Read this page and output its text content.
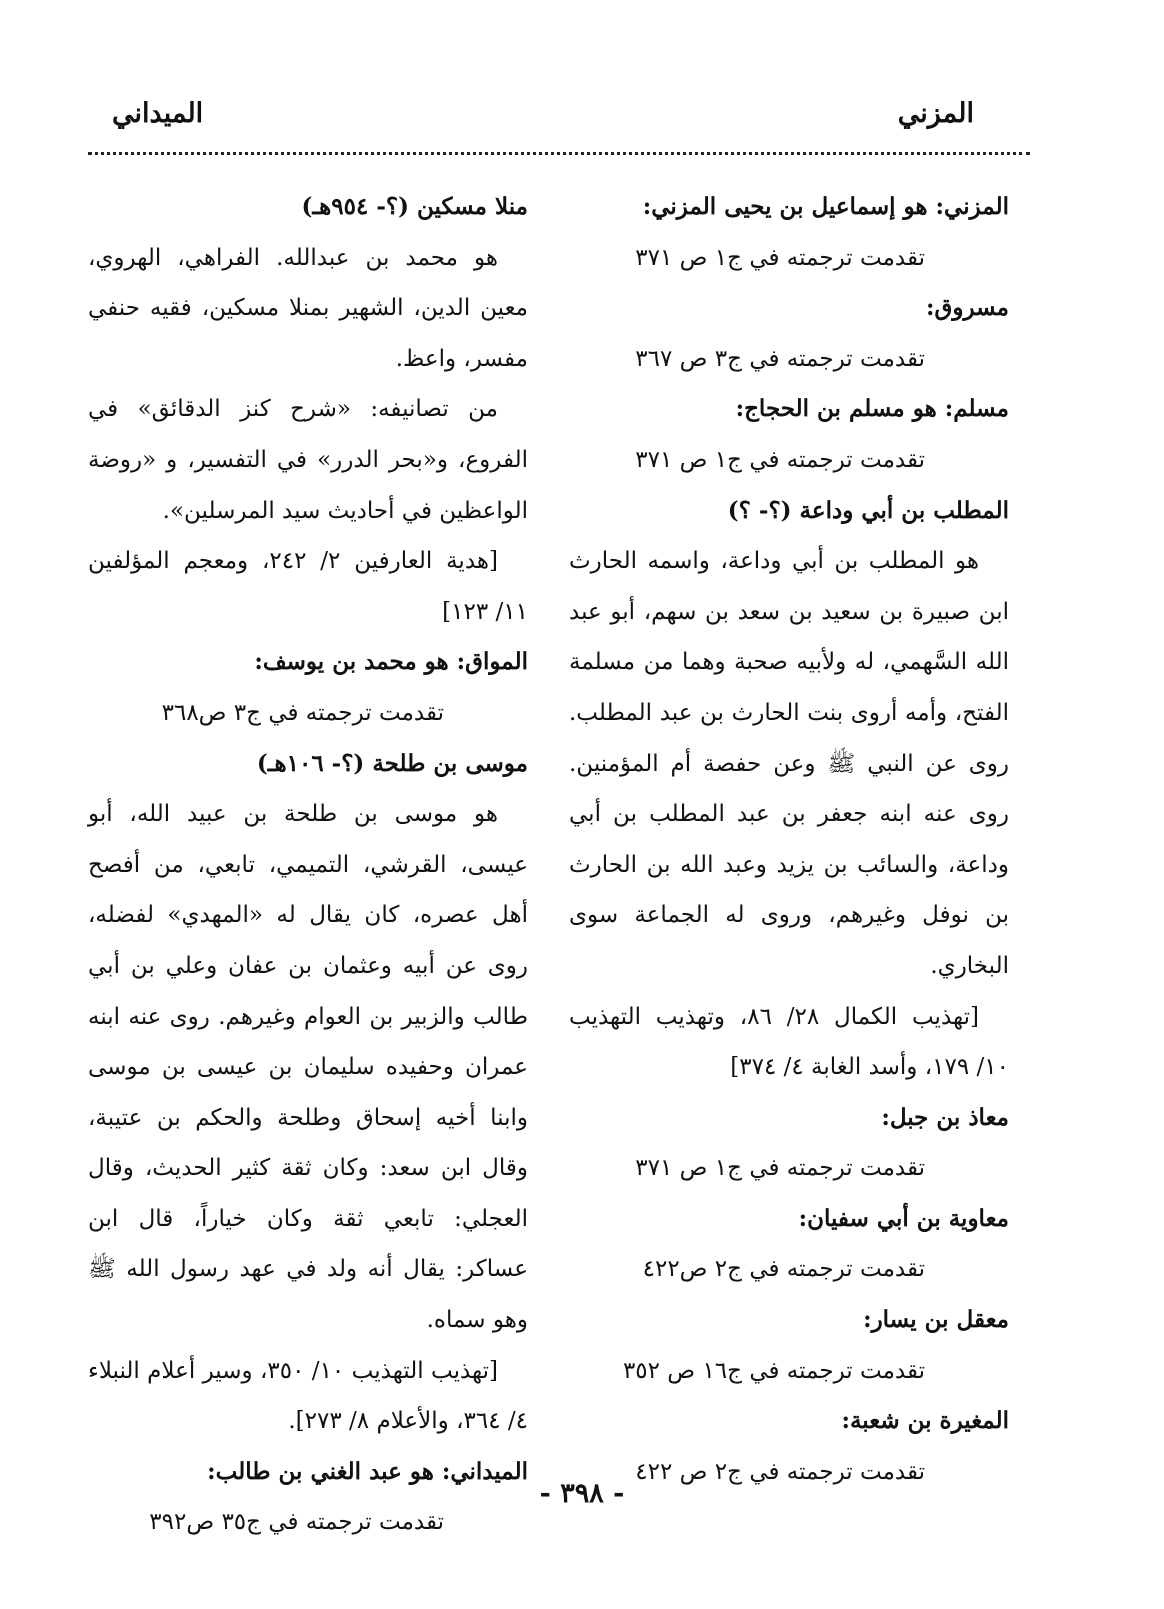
المزني
الميداني

المزني: هو إسماعيل بن يحيى المزني:

تقدمت ترجمته في ج١ ص ٣٧١

مسروق:

تقدمت ترجمته في ج٣ ص ٣٦٧

مسلم: هو مسلم بن الحجاج:

تقدمت ترجمته في ج١ ص ٣٧١

المطلب بن أبي وداعة (؟- ؟)

هو المطلب بن أبي وداعة، واسمه الحارث ابن صبيرة بن سعيد بن سعد بن سهم، أبو عبد الله السَّهمي، له ولأبيه صحبة وهما من مسلمة الفتح، وأمه أروى بنت الحارث بن عبد المطلب. روى عن النبي ﷺ وعن حفصة أم المؤمنين. روى عنه ابنه جعفر بن عبد المطلب بن أبي وداعة، والسائب بن يزيد وعبد الله بن الحارث بن نوفل وغيرهم، وروى له الجماعة سوى البخاري.

[تهذيب الكمال ٢٨/ ٨٦، وتهذيب التهذيب ١٠/ ١٧٩، وأسد الغابة ٤/ ٣٧٤]

معاذ بن جبل:

تقدمت ترجمته في ج١ ص ٣٧١

معاوية بن أبي سفيان:

تقدمت ترجمته في ج٢ ص٤٢٢

معقل بن يسار:

تقدمت ترجمته في ج١٦ ص ٣٥٢

المغيرة بن شعبة:

تقدمت ترجمته في ج٢ ص ٤٢٢

منلا مسكين (؟- ٩٥٤هـ)

هو محمد بن عبدالله. الفراهي، الهروي، معين الدين، الشهير بمنلا مسكين، فقيه حنفي مفسر، واعظ.

من تصانيفه: «شرح كنز الدقائق» في الفروع، و«بحر الدرر» في التفسير، و «روضة الواعظين في أحاديث سيد المرسلين».

[هدية العارفين ٢/ ٢٤٢، ومعجم المؤلفين ١١/ ١٢٣]

المواق: هو محمد بن يوسف:

تقدمت ترجمته في ج٣ ص٣٦٨

موسى بن طلحة (؟- ١٠٦هـ)

هو موسى بن طلحة بن عبيد الله، أبو عيسى، القرشي، التميمي، تابعي، من أفصح أهل عصره، كان يقال له «المهدي» لفضله، روى عن أبيه وعثمان بن عفان وعلي بن أبي طالب والزبير بن العوام وغيرهم. روى عنه ابنه عمران وحفيده سليمان بن عيسى بن موسى وابنا أخيه إسحاق وطلحة والحكم بن عتيبة، وقال ابن سعد: وكان ثقة كثير الحديث، وقال العجلي: تابعي ثقة وكان خياراً، قال ابن عساكر: يقال أنه ولد في عهد رسول الله ﷺ وهو سماه.

[تهذيب التهذيب ١٠/ ٣٥٠، وسير أعلام النبلاء ٤/ ٣٦٤، والأعلام ٨/ ٢٧٣].

الميداني: هو عبد الغني بن طالب:

تقدمت ترجمته في ج٣٥ ص٣٩٢

- ٣٩٨ -
